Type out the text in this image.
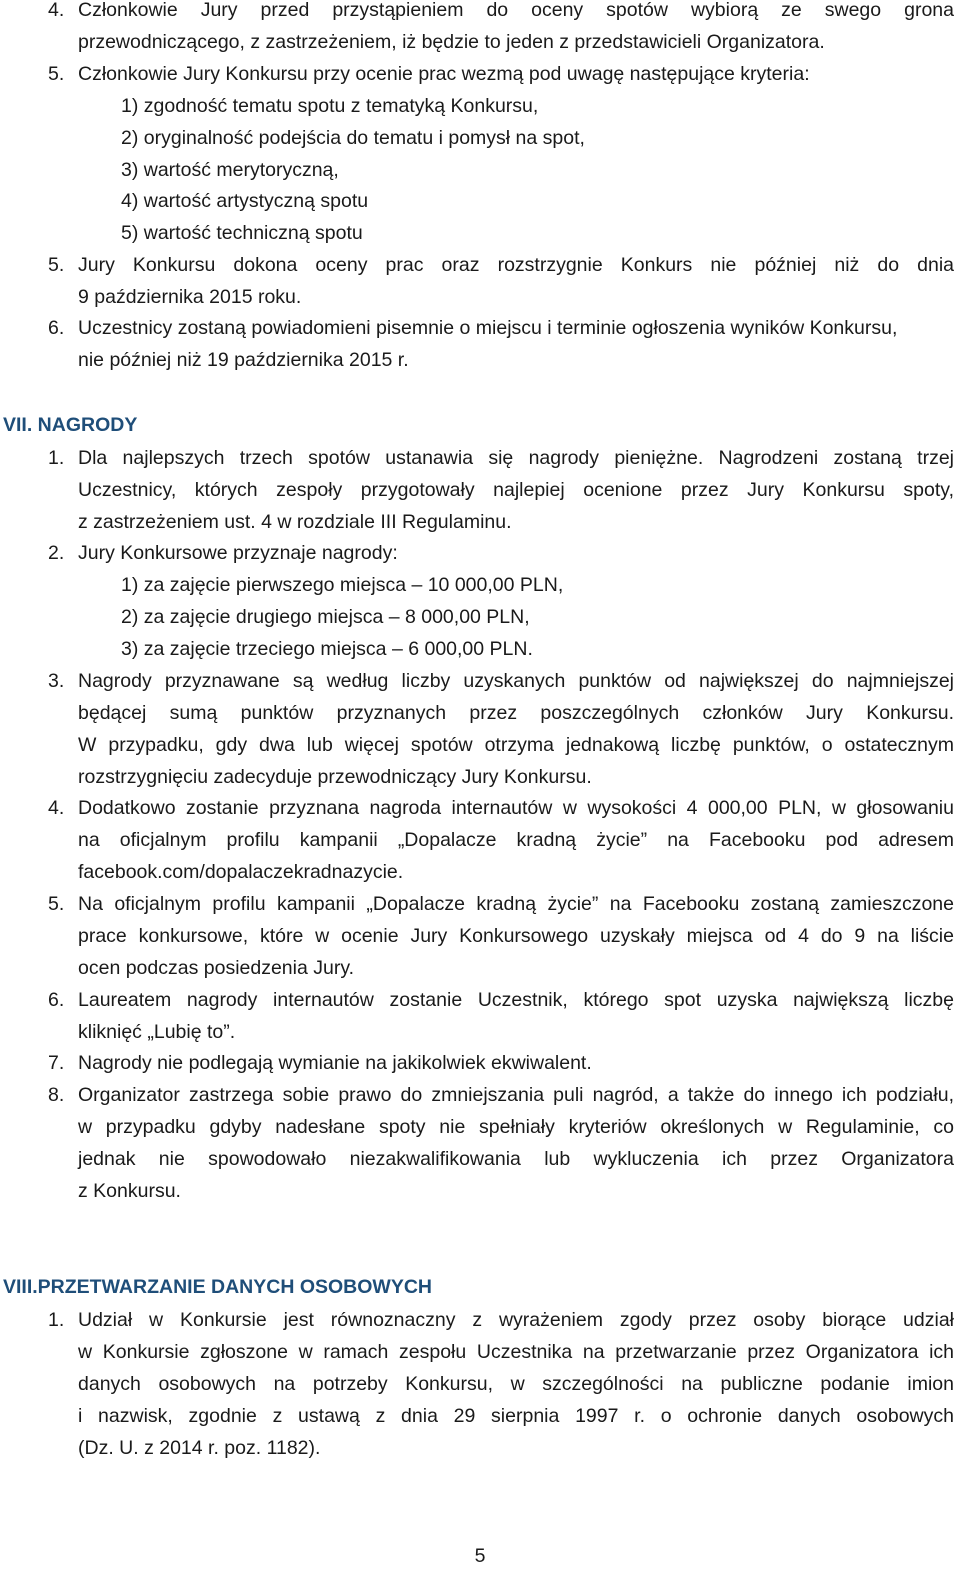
4. Członkowie Jury przed przystąpieniem do oceny spotów wybiorą ze swego grona
przewodniczącego, z zastrzeżeniem, iż będzie to jeden z przedstawicieli Organizatora.
5. Członkowie Jury Konkursu przy ocenie prac wezmą pod uwagę następujące kryteria:
1) zgodność tematu spotu z tematyką Konkursu,
2) oryginalność podejścia do tematu i pomysł na spot,
3) wartość merytoryczną,
4) wartość artystyczną spotu
5) wartość techniczną spotu
5. Jury Konkursu dokona oceny prac oraz rozstrzygnie Konkurs nie później niż do dnia
9 października 2015 roku.
6. Uczestnicy zostaną powiadomieni pisemnie o miejscu i terminie ogłoszenia wyników Konkursu,
nie później niż 19 października 2015 r.
VII. NAGRODY
1. Dla najlepszych trzech spotów ustanawia się nagrody pieniężne. Nagrodzeni zostaną trzej
Uczestnicy, których zespoły przygotowały najlepiej ocenione przez Jury Konkursu spoty,
z zastrzeżeniem ust. 4 w rozdziale III Regulaminu.
2. Jury Konkursowe przyznaje nagrody:
1) za zajęcie pierwszego miejsca – 10 000,00 PLN,
2) za zajęcie drugiego miejsca – 8 000,00 PLN,
3) za zajęcie trzeciego miejsca – 6 000,00 PLN.
3. Nagrody przyznawane są według liczby uzyskanych punktów od największej do najmniejszej
będącej sumą punktów przyznanych przez poszczególnych członków Jury Konkursu.
W przypadku, gdy dwa lub więcej spotów otrzyma jednakową liczbę punktów, o ostatecznym
rozstrzygnięciu zadecyduje przewodniczący Jury Konkursu.
4. Dodatkowo zostanie przyznana nagroda internautów w wysokości 4 000,00 PLN, w głosowaniu
na oficjalnym profilu kampanii „Dopalacze kradną życie” na Facebooku pod adresem
facebook.com/dopalaczekradnazycie.
5. Na oficjalnym profilu kampanii „Dopalacze kradną życie” na Facebooku zostaną zamieszczone
prace konkursowe, które w ocenie Jury Konkursowego uzyskały miejsca od 4 do 9 na liście
ocen podczas posiedzenia Jury.
6. Laureatem nagrody internautów zostanie Uczestnik, którego spot uzyska największą liczbę
kliknięć „Lubię to”.
7. Nagrody nie podlegają wymianie na jakikolwiek ekwiwalent.
8. Organizator zastrzega sobie prawo do zmniejszania puli nagród, a także do innego ich podziału,
w przypadku gdyby nadesłane spoty nie spełniały kryteriów określonych w Regulaminie, co
jednak nie spowodowało niezakwalifikowania lub wykluczenia ich przez Organizatora
z Konkursu.
VIII.PRZETWARZANIE DANYCH OSOBOWYCH
1. Udział w Konkursie jest równoznaczny z wyrażeniem zgody przez osoby biorące udział
w Konkursie zgłoszone w ramach zespołu Uczestnika na przetwarzanie przez Organizatora ich
danych osobowych na potrzeby Konkursu, w szczególności na publiczne podanie imion
i nazwisk, zgodnie z ustawą z dnia 29 sierpnia 1997 r. o ochronie danych osobowych
(Dz. U. z 2014 r. poz. 1182).
5
